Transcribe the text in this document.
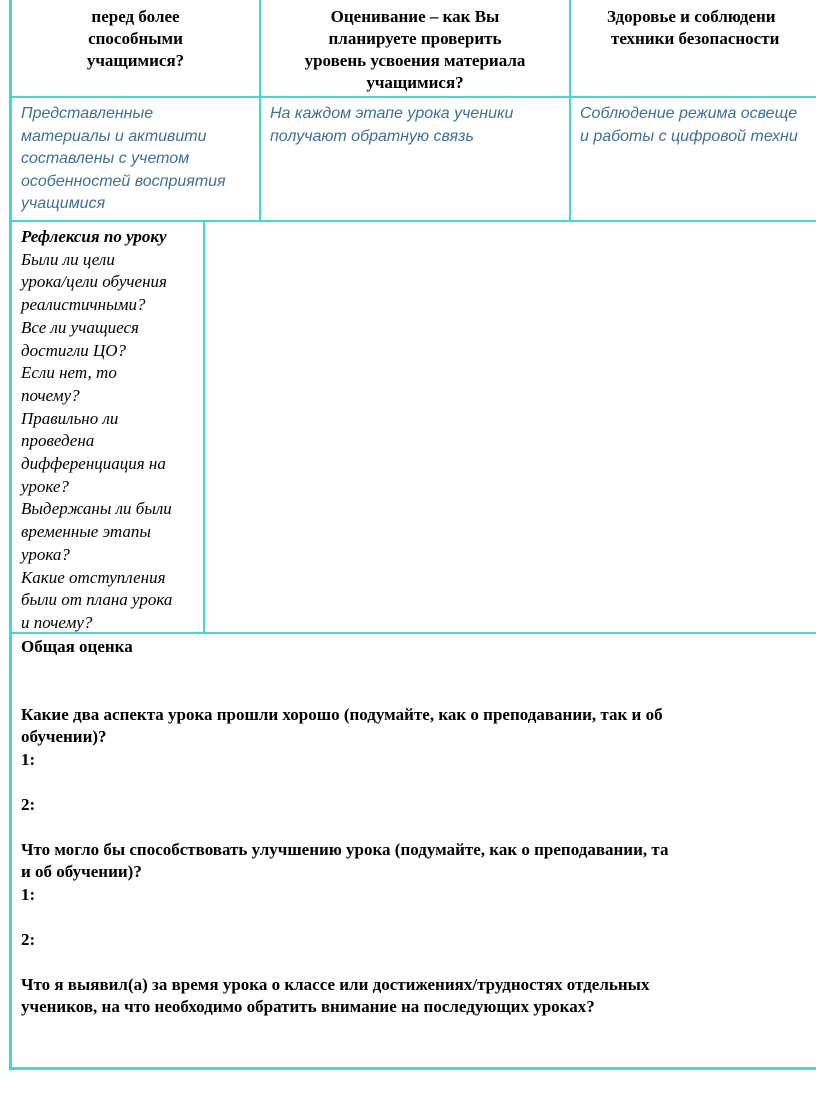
перед более
способными
учащимися?
Оценивание – как Вы
планируете проверить
уровень усвоения материала
учащимися?
Здоровье и соблюдени
техники безопасности
Представленные
материалы и активити
составлены с учетом
особенностей восприятия
учащимися
На каждом этапе урока ученики
получают обратную связь
Соблюдение режима освеще
и работы с цифровой техни
Рефлексия по уроку
Были ли цели
урока/цели обучения
реалистичными?
Все ли учащиеся
достигли ЦО?
Если нет, то
почему?
Правильно ли
проведена
дифференциация на
уроке?
Выдержаны ли были
временные этапы
урока?
Какие отступления
были от плана урока
и почему?
Общая оценка
Какие два аспекта урока прошли хорошо (подумайте, как о преподавании, так и об
обучении)?
1:
2:
Что могло бы способствовать улучшению урока (подумайте, как о преподавании, та
и об обучении)?
1:
2:
Что я выявил(а) за время урока о классе или достижениях/трудностях отдельных
учеников, на что необходимо обратить внимание на последующих уроках?
